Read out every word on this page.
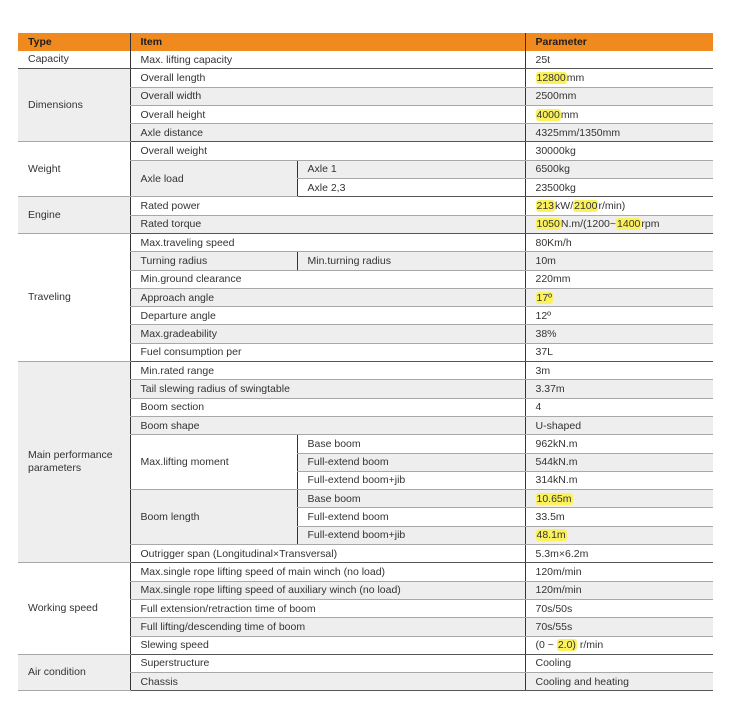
Type	Item		Parameter
Capacity	Max. lifting capacity		25t
Dimensions	Overall length		12800mm
	Overall width		2500mm
	Overall height		4000mm
	Axle distance		4325mm/1350mm
Weight	Overall weight		30000kg
	Axle load	Axle 1	6500kg
		Axle 2,3	23500kg
Engine	Rated power		213kW/2100r/min)
	Rated torque		1050N.m/(1200~1400rpm
Traveling	Max.traveling speed		80Km/h
	Turning radius	Min.turning radius	10m
	Min.ground clearance		220mm
	Approach angle		17º
	Departure angle		12º
	Max.gradeability		38%
	Fuel consumption per		37L
Main performance parameters	Min.rated range		3m
	Tail slewing radius of swingtable		3.37m
	Boom section		4
	Boom shape		U-shaped
	Max.lifting moment	Base boom	962kN.m
		Full-extend boom	544kN.m
		Full-extend boom+jib	314kN.m
	Boom length	Base boom	10.65m
		Full-extend boom	33.5m
		Full-extend boom+jib	48.1m
	Outrigger span (Longitudinal×Transversal)		5.3m×6.2m
Working speed	Max.single rope lifting speed of main winch (no load)		120m/min
	Max.single rope lifting speed of auxiliary winch (no load)		120m/min
	Full extension/retraction time of boom		70s/50s
	Full lifting/descending time of boom		70s/55s
	Slewing speed		(0 ~ 2.0) r/min
Air condition	Superstructure		Cooling
	Chassis		Cooling and heating
